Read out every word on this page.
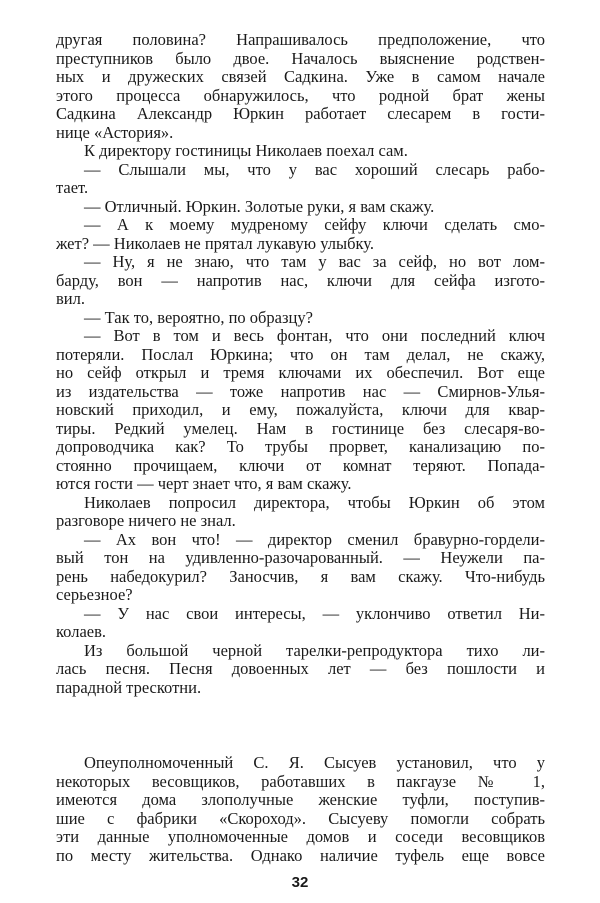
другая половина? Напрашивалось предположение, что
преступников было двое. Началось выяснение родствен-
ных и дружеских связей Садкина. Уже в самом начале
этого процесса обнаружилось, что родной брат жены
Садкина Александр Юркин работает слесарем в гости-
нице «Астория».
К директору гостиницы Николаев поехал сам.
— Слышали мы, что у вас хороший слесарь рабо-
тает.
— Отличный. Юркин. Золотые руки, я вам скажу.
— А к моему мудреному сейфу ключи сделать смо-
жет? — Николаев не прятал лукавую улыбку.
— Ну, я не знаю, что там у вас за сейф, но вот лом-
барду, вон — напротив нас, ключи для сейфа изгото-
вил.
— Так то, вероятно, по образцу?
— Вот в том и весь фонтан, что они последний ключ
потеряли. Послал Юркина; что он там делал, не скажу,
но сейф открыл и тремя ключами их обеспечил. Вот еще
из издательства — тоже напротив нас — Смирнов-Улья-
новский приходил, и ему, пожалуйста, ключи для квар-
тиры. Редкий умелец. Нам в гостинице без слесаря-во-
допроводчика как? То трубы прорвет, канализацию по-
стоянно прочищаем, ключи от комнат теряют. Попада-
ются гости — черт знает что, я вам скажу.
Николаев попросил директора, чтобы Юркин об этом
разговоре ничего не знал.
— Ах вон что! — директор сменил бравурно-гордели-
вый тон на удивленно-разочарованный. — Неужели па-
рень набедокурил? Заносчив, я вам скажу. Что-нибудь
серьезное?
— У нас свои интересы, — уклончиво ответил Ни-
колаев.
Из большой черной тарелки-репродуктора тихо ли-
лась песня. Песня довоенных лет — без пошлости и
парадной трескотни.
Опеуполномоченный С. Я. Сысуев установил, что у
некоторых весовщиков, работавших в пакгаузе № 1,
имеются дома злополучные женские туфли, поступив-
шие с фабрики «Скороход». Сысуеву помогли собрать
эти данные уполномоченные домов и соседи весовщиков
по месту жительства. Однако наличие туфель еще вовсе
32
